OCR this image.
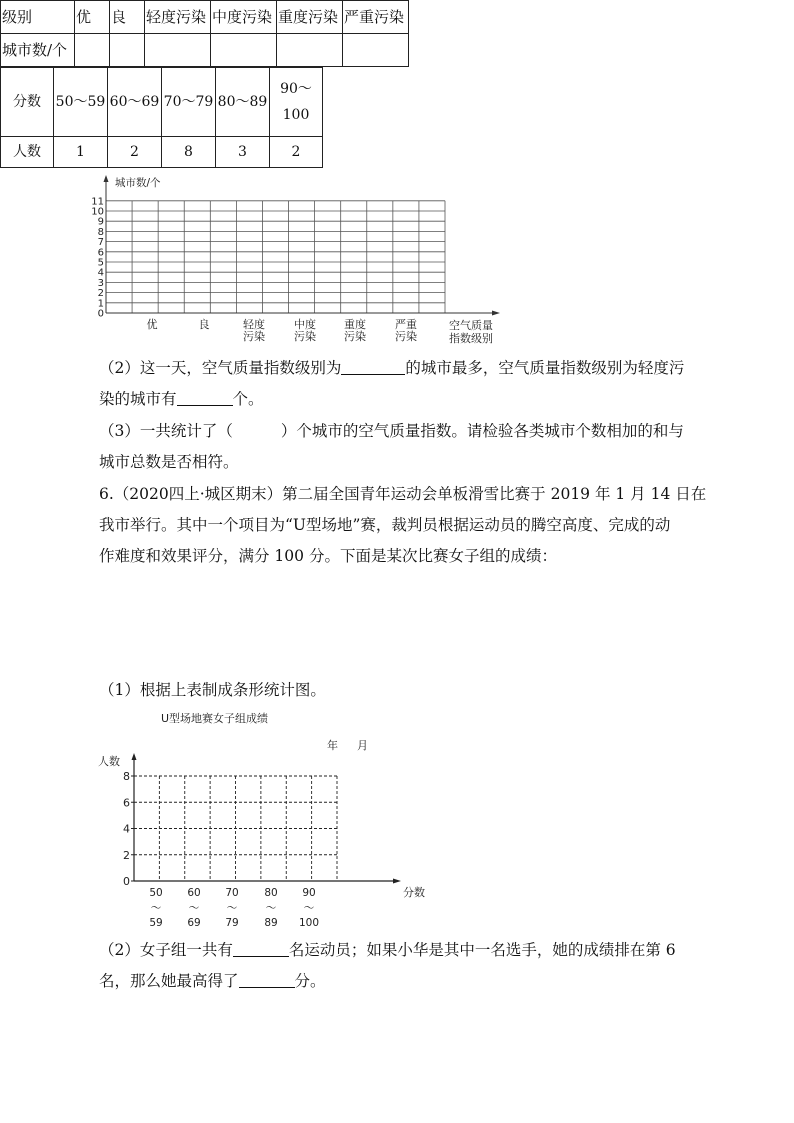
级别	优	良	轻度污染	中度污染	重度污染	严重污染
城市数/个						
城市数/个
0
1
2
3
4
5
6
7
8
9
10
11
优	良	轻度
污染
中度
污染
重度
污染
严重
污染
空气质量
指数级别
（2）这一天，空气质量指数级别为	的城市最多，空气质量指数级别为轻度污
染的城市有	个。
（3）一共统计了（	）个城市的空气质量指数。请检验各类城市个数相加的和与
城市总数是否相符。
6.（2020四上·城区期末）第二届全国青年运动会单板滑雪比赛于 2019 年 1 月 14 日在
我市举行。其中一个项目为“U型场地”赛，裁判员根据运动员的腾空高度、完成的动
作难度和效果评分，满分 100 分。下面是某次比赛女子组的成绩：
分数	50～59	60～69	70～79	80～89	90～
100
人数	1	2	8	3	2
（1）根据上表制成条形统计图。
U型场地赛女子组成绩
年 月
人数
0
2
4
6
8
50
～
59
60
～
69
70
～
79
80
～
89
90
～
100
分数
（2）女子组一共有	名运动员；如果小华是其中一名选手，她的成绩排在第 6
名，那么她最高得了	分。
